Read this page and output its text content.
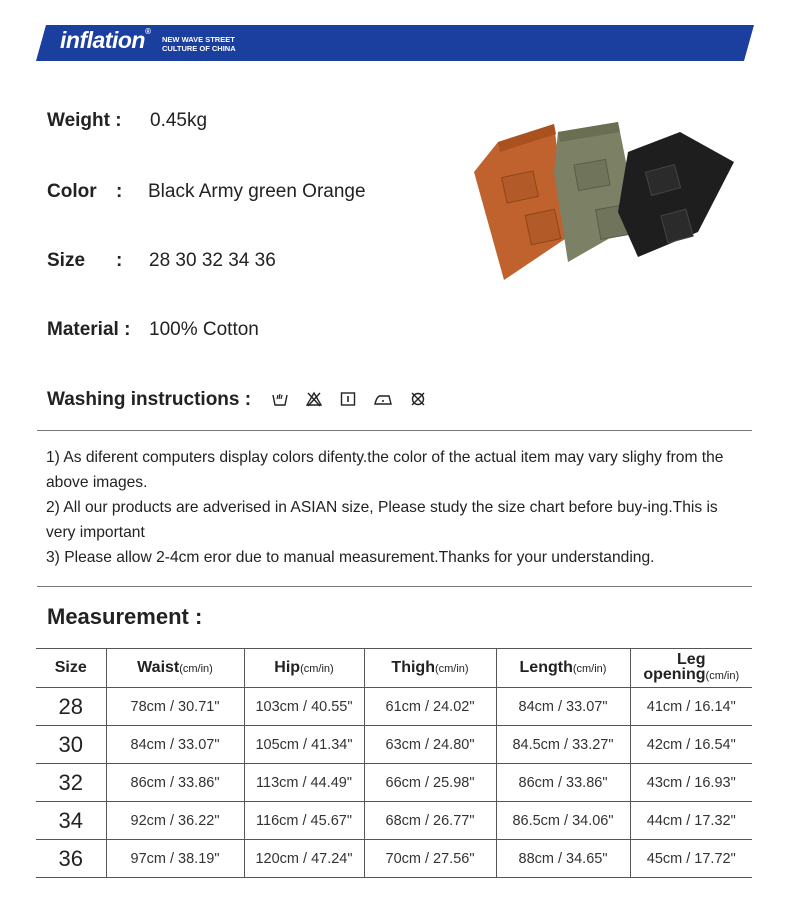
inflation®
NEW WAVE STREET
CULTURE OF CHINA
Weight : 0.45kg
Color : Black Army green Orange
Size : 28 30 32 34 36
Material : 100% Cotton
Washing instructions :

1) As diferent computers display colors difenty.the color of the actual item may vary slighy from the above images.

2) All our products are adverised in ASIAN size, Please study the size chart before buy-ing.This is very important

3) Please allow 2-4cm eror due to manual measurement.Thanks for your understanding.

Measurement :
Size	Waist(cm/in)	Hip(cm/in)	Thigh(cm/in)	Length(cm/in)	Leg
opening(cm/in)

28	78cm / 30.71"	103cm / 40.55"	61cm / 24.02"	84cm / 33.07"	41cm / 16.14"
30	84cm / 33.07"	105cm / 41.34"	63cm / 24.80"	84.5cm / 33.27"	42cm / 16.54"
32	86cm / 33.86"	113cm / 44.49"	66cm / 25.98"	86cm / 33.86"	43cm / 16.93"
34	92cm / 36.22"	116cm / 45.67"	68cm / 26.77"	86.5cm / 34.06"	44cm / 17.32"
36	97cm / 38.19"	120cm / 47.24"	70cm / 27.56"	88cm / 34.65"	45cm / 17.72"
